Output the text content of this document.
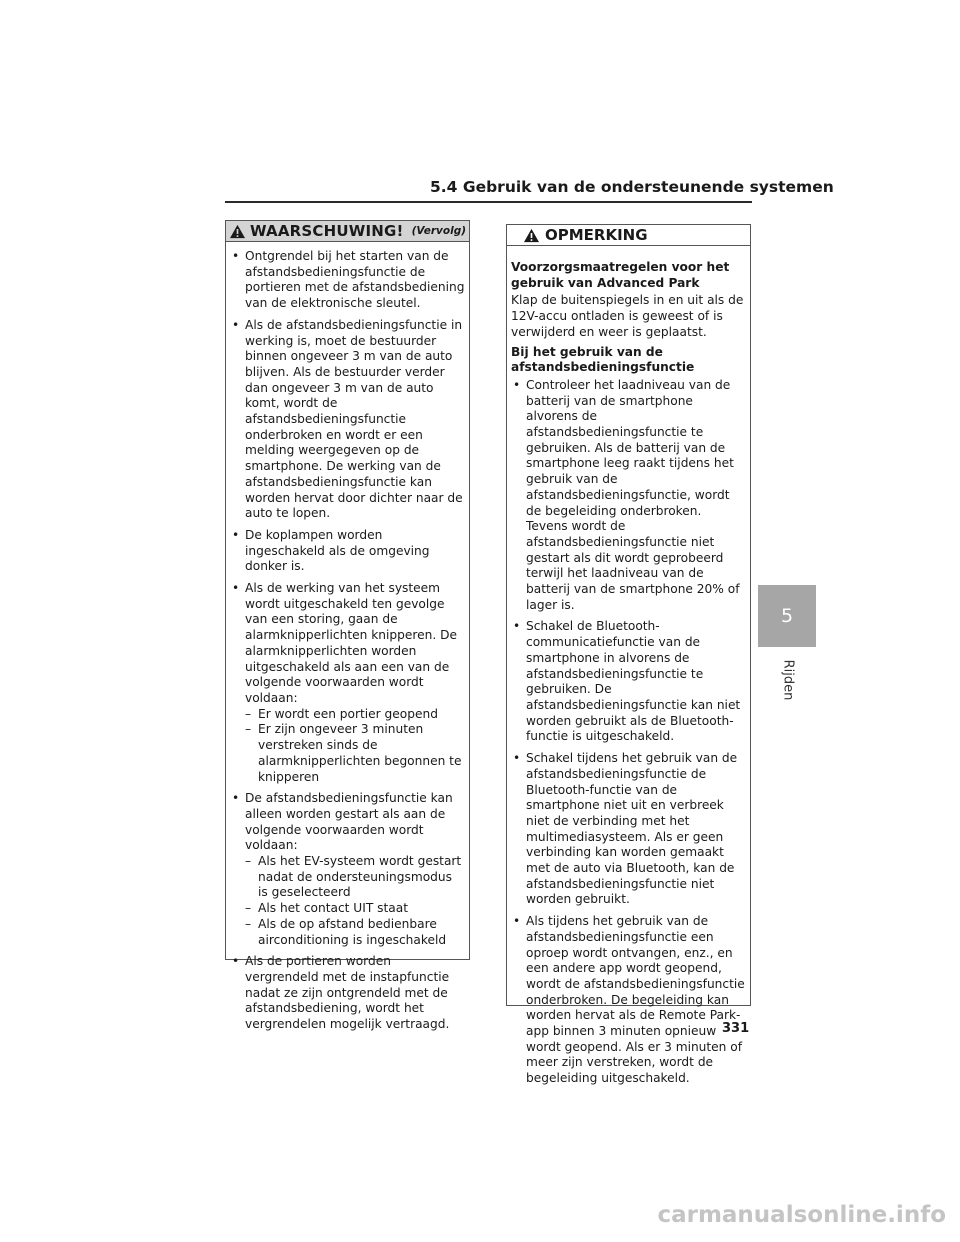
5.4 Gebruik van de ondersteunende systemen
WAARSCHUWING! (Vervolg)
• Ontgrendel bij het starten van de afstandsbedieningsfunctie de portieren met de afstandsbediening van de elektronische sleutel.
• Als de afstandsbedieningsfunctie in werking is, moet de bestuurder binnen ongeveer 3 m van de auto blijven. Als de bestuurder verder dan ongeveer 3 m van de auto komt, wordt de afstandsbedieningsfunctie onderbroken en wordt er een melding weergegeven op de smartphone. De werking van de afstandsbedieningsfunctie kan worden hervat door dichter naar de auto te lopen.
• De koplampen worden ingeschakeld als de omgeving donker is.
• Als de werking van het systeem wordt uitgeschakeld ten gevolge van een storing, gaan de alarmknipperlichten knipperen. De alarmknipperlichten worden uitgeschakeld als aan een van de volgende voorwaarden wordt voldaan:
– Er wordt een portier geopend
– Er zijn ongeveer 3 minuten verstreken sinds de alarmknipperlichten begonnen te knipperen
• De afstandsbedieningsfunctie kan alleen worden gestart als aan de volgende voorwaarden wordt voldaan:
– Als het EV-systeem wordt gestart nadat de ondersteuningsmodus is geselecteerd
– Als het contact UIT staat
– Als de op afstand bedienbare airconditioning is ingeschakeld
• Als de portieren worden vergrendeld met de instapfunctie nadat ze zijn ontgrendeld met de afstandsbediening, wordt het vergrendelen mogelijk vertraagd.
OPMERKING

Voorzorgsmaatregelen voor het gebruik van Advanced Park

Klap de buitenspiegels in en uit als de 12V-accu ontladen is geweest of is verwijderd en weer is geplaatst.

Bij het gebruik van de afstandsbedieningsfunctie

• Controleer het laadniveau van de batterij van de smartphone alvorens de afstandsbedieningsfunctie te gebruiken. Als de batterij van de smartphone leeg raakt tijdens het gebruik van de afstandsbedieningsfunctie, wordt de begeleiding onderbroken. Tevens wordt de afstandsbedieningsfunctie niet gestart als dit wordt geprobeerd terwijl het laadniveau van de batterij van de smartphone 20% of lager is.
• Schakel de Bluetooth-communicatiefunctie van de smartphone in alvorens de afstandsbedieningsfunctie te gebruiken. De afstandsbedieningsfunctie kan niet worden gebruikt als de Bluetooth-functie is uitgeschakeld.
• Schakel tijdens het gebruik van de afstandsbedieningsfunctie de Bluetooth-functie van de smartphone niet uit en verbreek niet de verbinding met het multimediasysteem. Als er geen verbinding kan worden gemaakt met de auto via Bluetooth, kan de afstandsbedieningsfunctie niet worden gebruikt.
• Als tijdens het gebruik van de afstandsbedieningsfunctie een oproep wordt ontvangen, enz., en een andere app wordt geopend, wordt de afstandsbedieningsfunctie onderbroken. De begeleiding kan worden hervat als de Remote Park-app binnen 3 minuten opnieuw wordt geopend. Als er 3 minuten of meer zijn verstreken, wordt de begeleiding uitgeschakeld.
5
Rijden
331
carmanualsonline.info
